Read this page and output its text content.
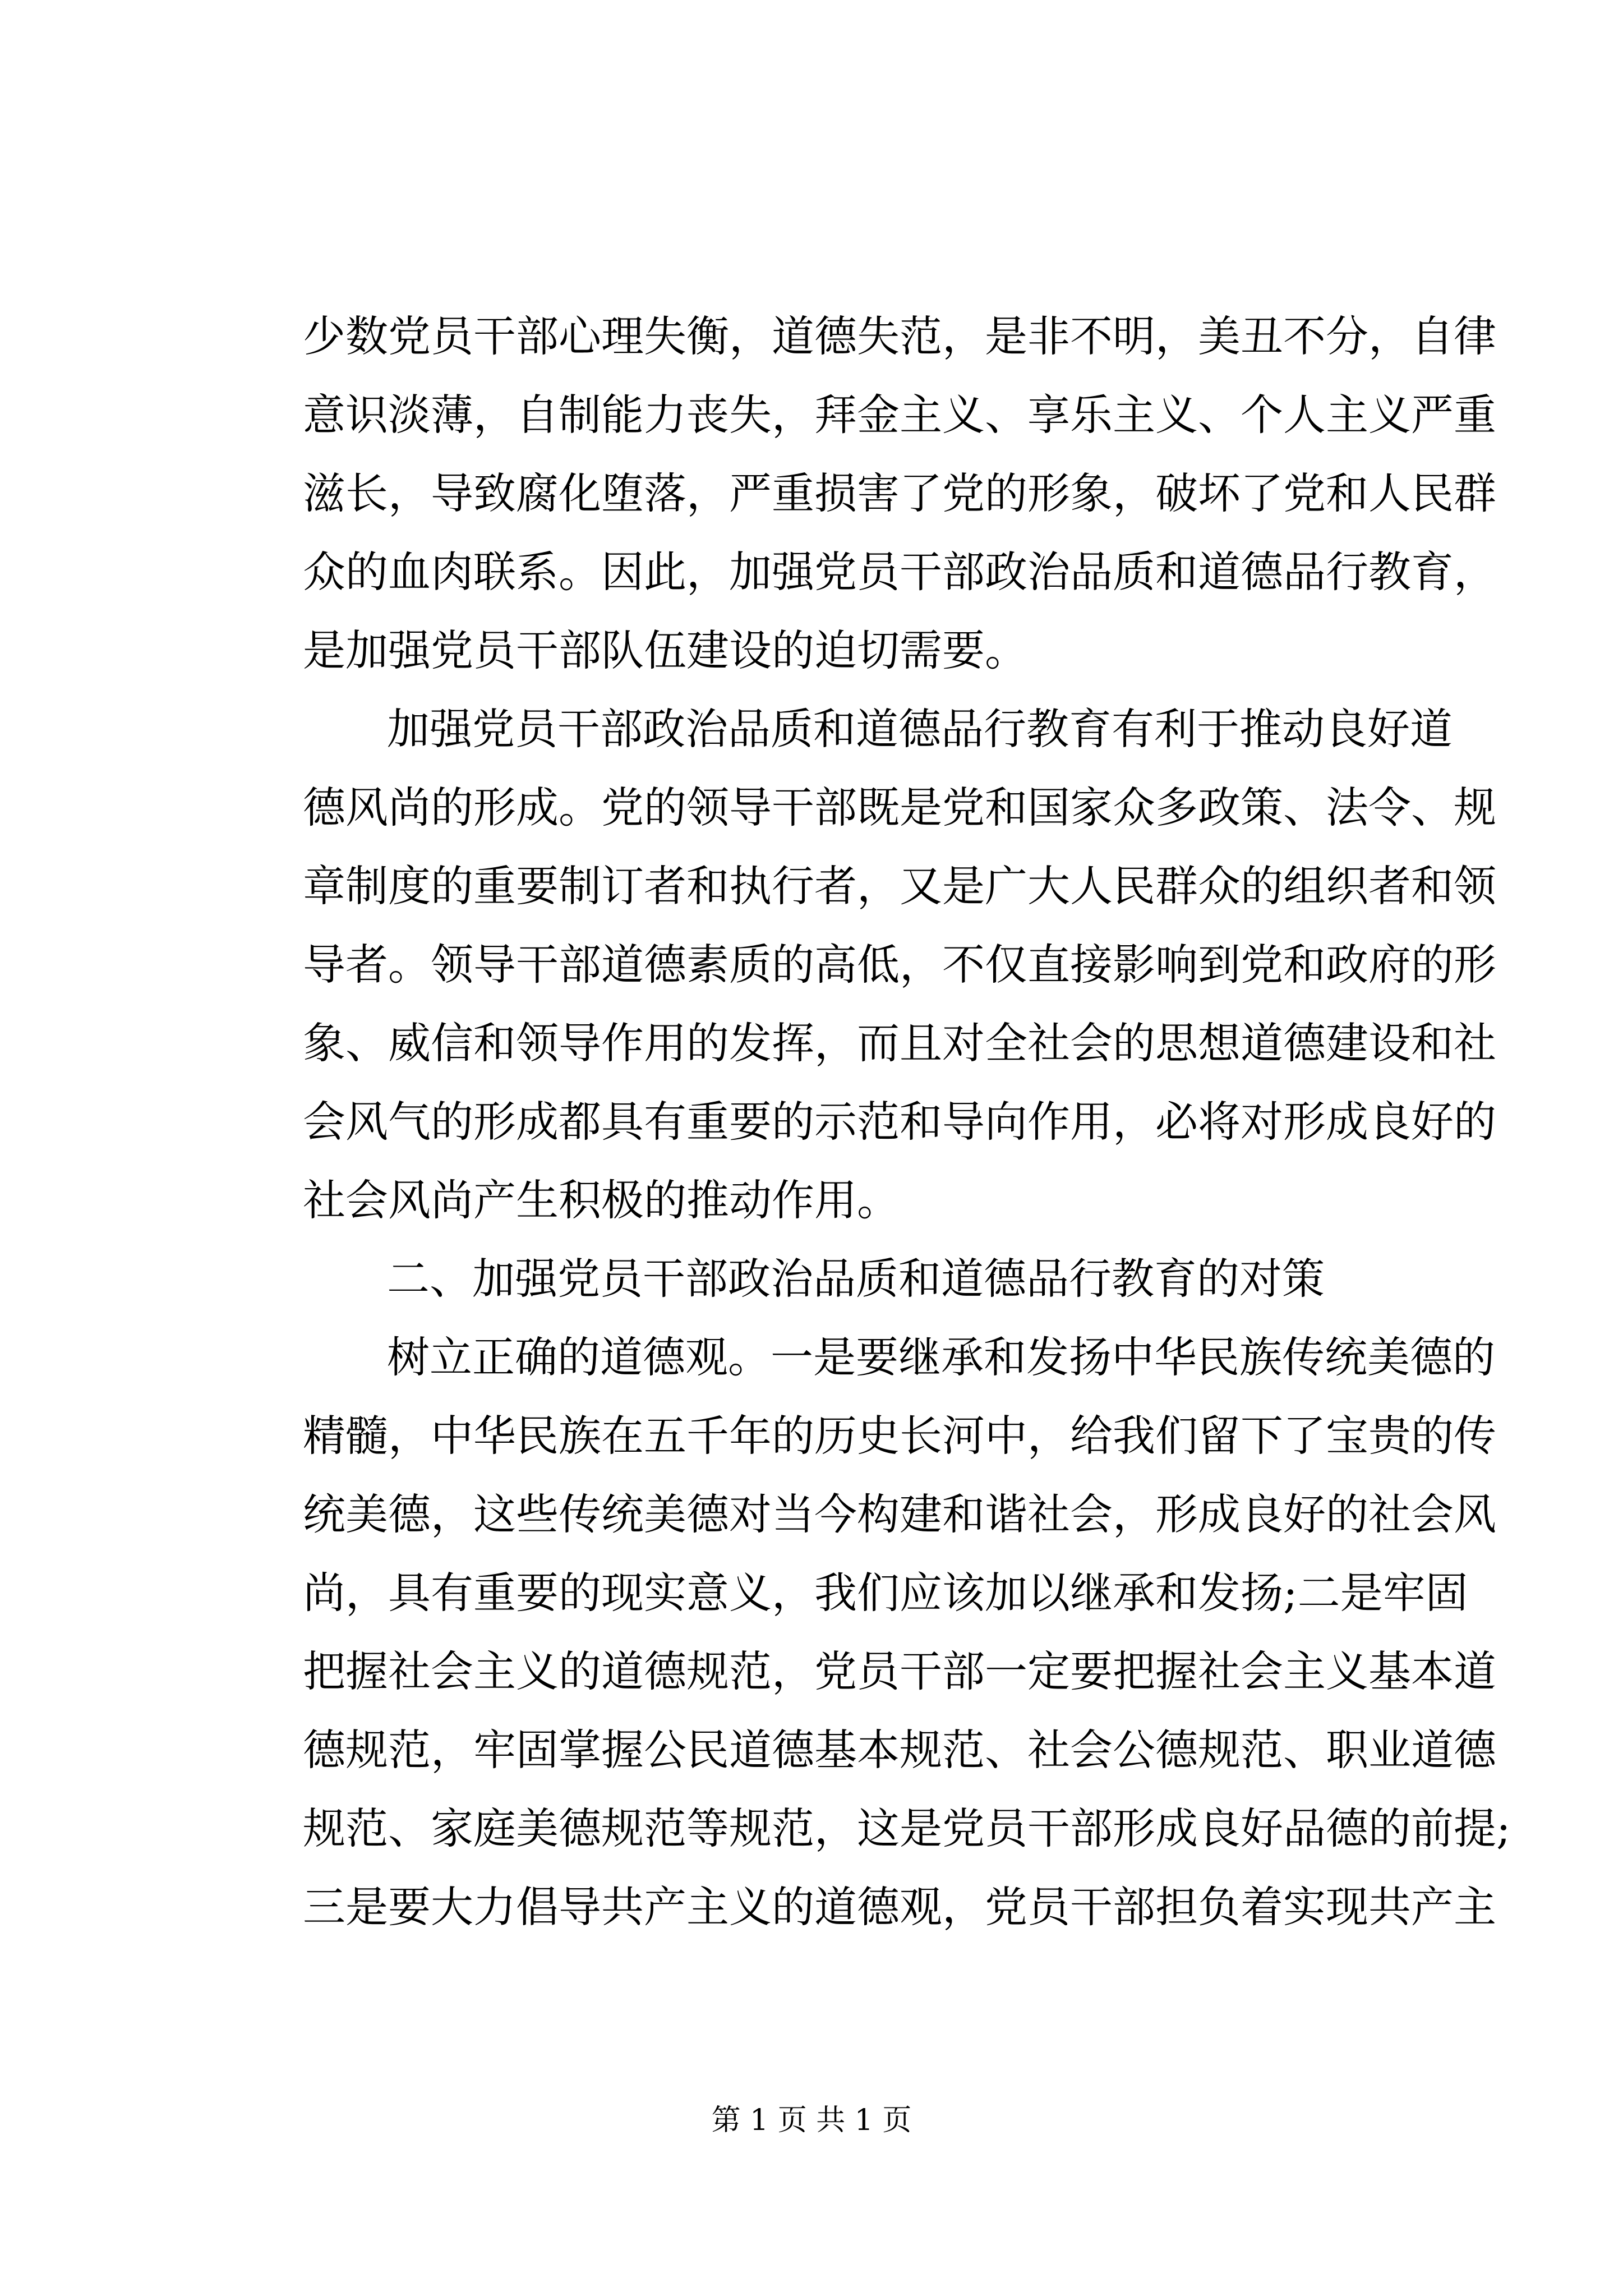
少数党员干部心理失衡，道德失范，是非不明，美丑不分，自律
意识淡薄，自制能力丧失，拜金主义、享乐主义、个人主义严重
滋长，导致腐化堕落，严重损害了党的形象，破坏了党和人民群
众的血肉联系。因此，加强党员干部政治品质和道德品行教育，
是加强党员干部队伍建设的迫切需要。
加强党员干部政治品质和道德品行教育有利于推动良好道
德风尚的形成。党的领导干部既是党和国家众多政策、法令、规
章制度的重要制订者和执行者，又是广大人民群众的组织者和领
导者。领导干部道德素质的高低，不仅直接影响到党和政府的形
象、威信和领导作用的发挥，而且对全社会的思想道德建设和社
会风气的形成都具有重要的示范和导向作用，必将对形成良好的
社会风尚产生积极的推动作用。
二、加强党员干部政治品质和道德品行教育的对策
树立正确的道德观。一是要继承和发扬中华民族传统美德的
精髓，中华民族在五千年的历史长河中，给我们留下了宝贵的传
统美德，这些传统美德对当今构建和谐社会，形成良好的社会风
尚，具有重要的现实意义，我们应该加以继承和发扬;二是牢固
把握社会主义的道德规范，党员干部一定要把握社会主义基本道
德规范，牢固掌握公民道德基本规范、社会公德规范、职业道德
规范、家庭美德规范等规范，这是党员干部形成良好品德的前提;
三是要大力倡导共产主义的道德观，党员干部担负着实现共产主
第 1 页 共 1 页
